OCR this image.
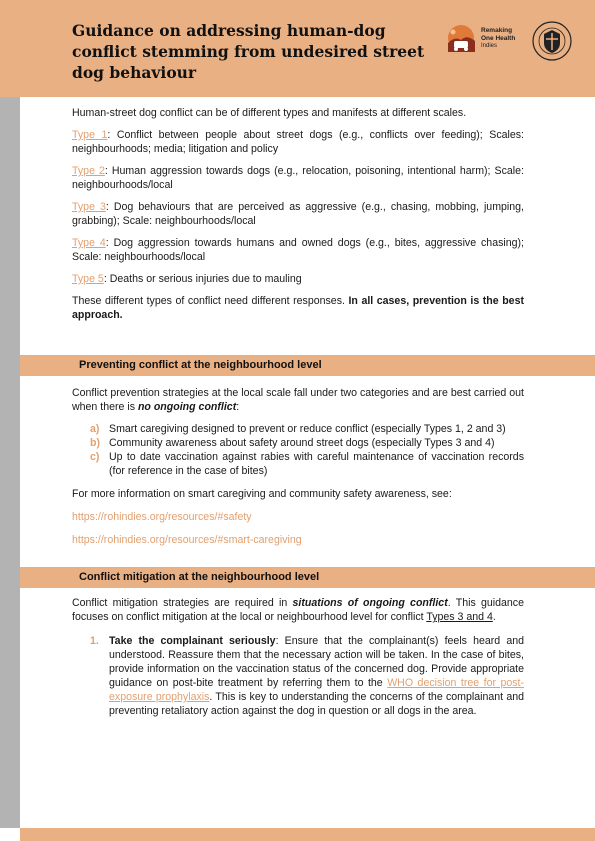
Guidance on addressing human-dog conflict stemming from undesired street dog behaviour
Remaking
One Health
Indies

Human-street dog conflict can be of different types and manifests at different scales.

Type 1: Conflict between people about street dogs (e.g., conflicts over feeding); Scales: neighbourhoods; media; litigation and policy

Type 2: Human aggression towards dogs (e.g., relocation, poisoning, intentional harm); Scale: neighbourhoods/local

Type 3: Dog behaviours that are perceived as aggressive (e.g., chasing, mobbing, jumping, grabbing); Scale: neighbourhoods/local

Type 4: Dog aggression towards humans and owned dogs (e.g., bites, aggressive chasing); Scale: neighbourhoods/local

Type 5: Deaths or serious injuries due to mauling

These different types of conflict need different responses. In all cases, prevention is the best approach.

Preventing conflict at the neighbourhood level

Conflict prevention strategies at the local scale fall under two categories and are best carried out when there is no ongoing conflict:

a) Smart caregiving designed to prevent or reduce conflict (especially Types 1, 2 and 3)
b) Community awareness about safety around street dogs (especially Types 3 and 4)
c) Up to date vaccination against rabies with careful maintenance of vaccination records (for reference in the case of bites)

For more information on smart caregiving and community safety awareness, see:

https://rohindies.org/resources/#safety

https://rohindies.org/resources/#smart-caregiving

Conflict mitigation at the neighbourhood level

Conflict mitigation strategies are required in situations of ongoing conflict. This guidance focuses on conflict mitigation at the local or neighbourhood level for conflict Types 3 and 4.

1. Take the complainant seriously: Ensure that the complainant(s) feels heard and understood. Reassure them that the necessary action will be taken. In the case of bites, provide information on the vaccination status of the concerned dog. Provide appropriate guidance on post-bite treatment by referring them to the WHO decision tree for post-exposure prophylaxis. This is key to understanding the concerns of the complainant and preventing retaliatory action against the dog in question or all dogs in the area.
